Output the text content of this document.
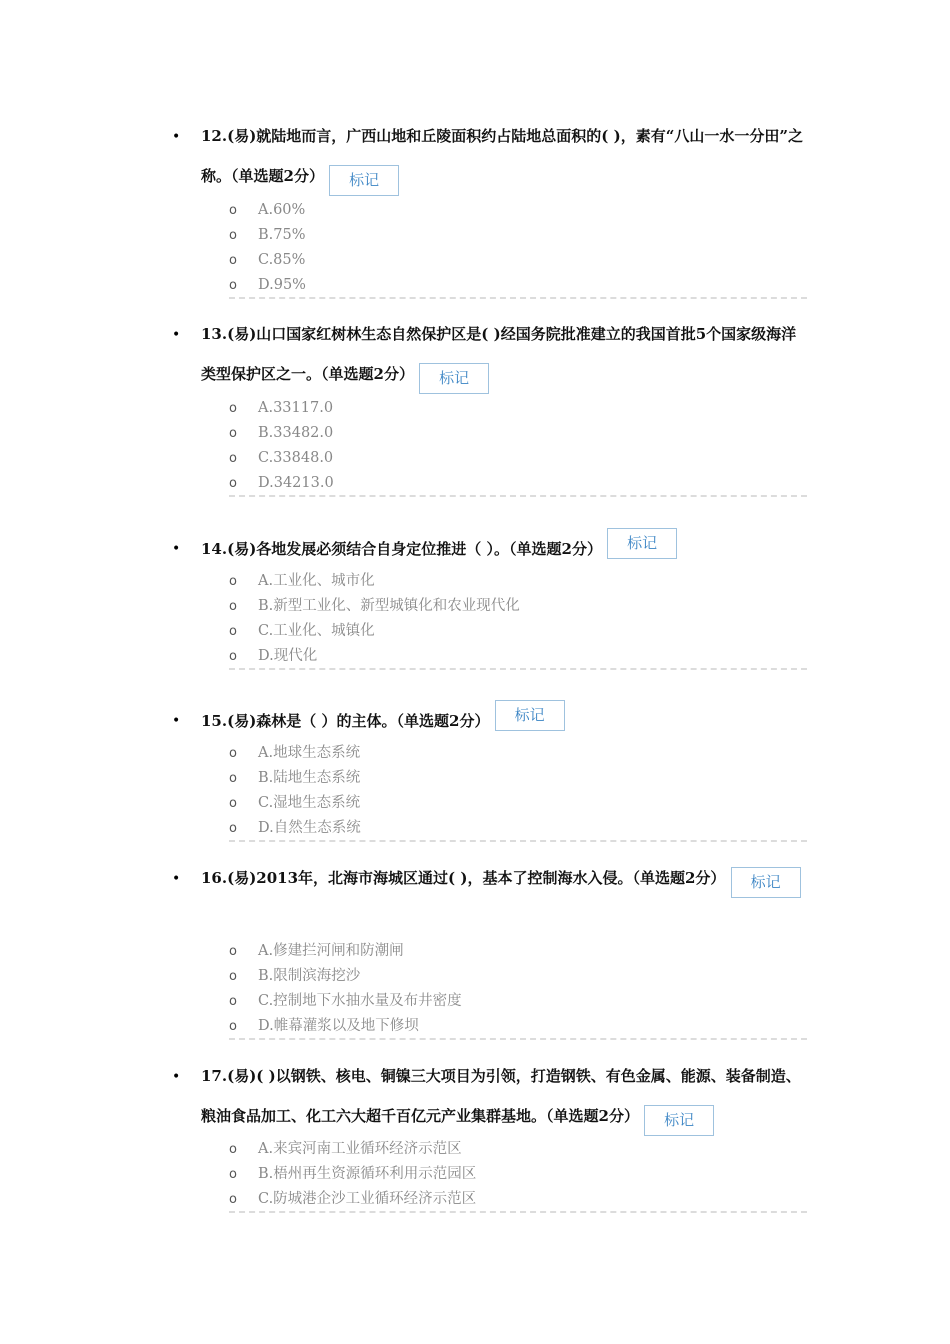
• 12.(易)就陆地而言，广西山地和丘陵面积约占陆地总面积的( )，素有“八山一水一分田”之称。（单选题2分） 标记
o A.60%
o B.75%
o C.85%
o D.95%
• 13.(易)山口国家红树林生态自然保护区是( )经国务院批准建立的我国首批5个国家级海洋类型保护区之一。（单选题2分） 标记
o A.33117.0
o B.33482.0
o C.33848.0
o D.34213.0
• 14.(易)各地发展必须结合自身定位推进（ ）。（单选题2分） 标记
o A.工业化、城市化
o B.新型工业化、新型城镇化和农业现代化
o C.工业化、城镇化
o D.现代化
• 15.(易)森林是（ ）的主体。（单选题2分） 标记
o A.地球生态系统
o B.陆地生态系统
o C.湿地生态系统
o D.自然生态系统
• 16.(易)2013年，北海市海城区通过( )，基本了控制海水入侵。（单选题2分） 标记
o A.修建拦河闸和防潮闸
o B.限制滨海挖沙
o C.控制地下水抽水量及布井密度
o D.帷幕灌浆以及地下修坝
• 17.(易)( )以钢铁、核电、铜镍三大项目为引领，打造钢铁、有色金属、能源、装备制造、粮油食品加工、化工六大超千百亿元产业集群基地。（单选题2分） 标记
o A.来宾河南工业循环经济示范区
o B.梧州再生资源循环利用示范园区
o C.防城港企沙工业循环经济示范区
